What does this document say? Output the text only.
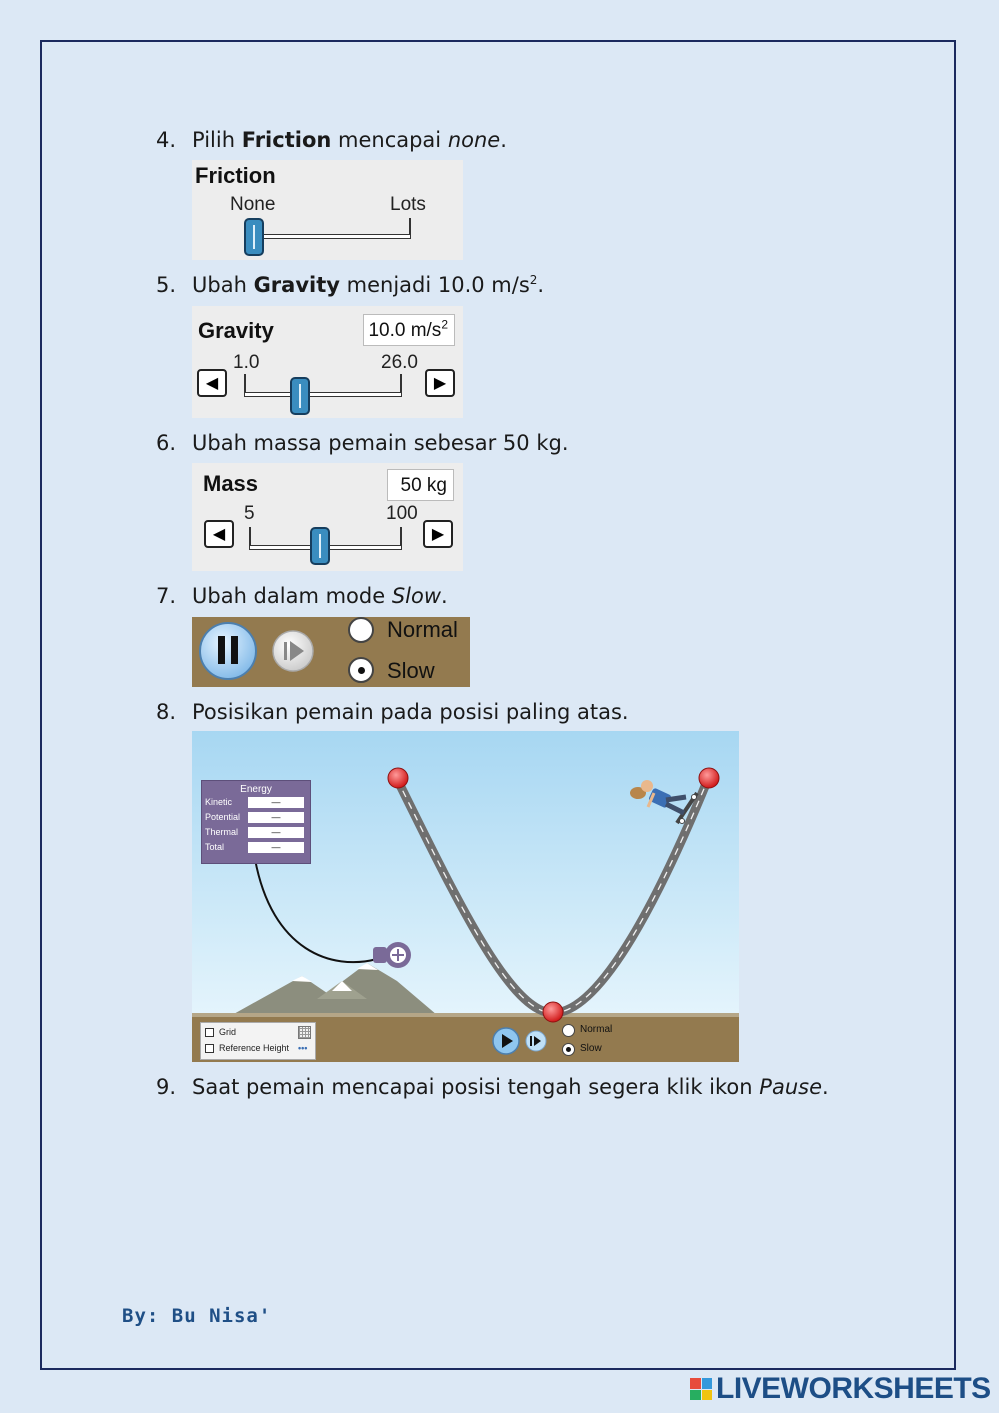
4. Pilih Friction mencapai none.
Friction
None	Lots
5. Ubah Gravity menjadi 10.0 $m/s^2$.
Gravity	10.0 $m/s^2$
1.0	26.0
◀	▶
6. Ubah massa pemain sebesar 50 kg.
Mass	50 kg
5	100
◀	▶
7. Ubah dalam mode Slow.
Normal
Slow
8. Posisikan pemain pada posisi paling atas.
Energy
Kinetic	—
Potential	—
Thermal	—
Total	—
Grid
Reference Height •••
Normal
Slow
9. Saat pemain mencapai posisi tengah segera klik ikon Pause.
By: Bu Nisa'
LIVEWORKSHEETS
